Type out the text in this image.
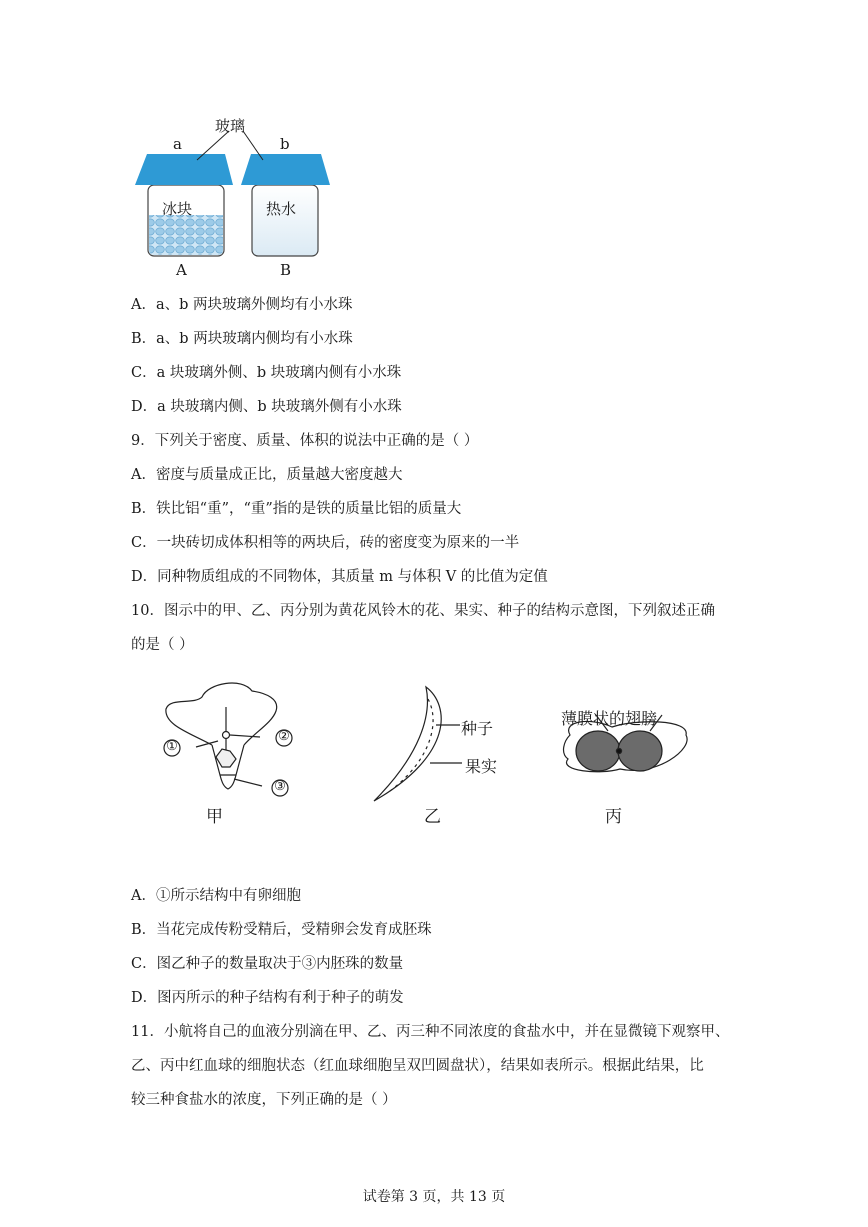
玻璃
a	b
冰块	热水
A	B
A．a、b 两块玻璃外侧均有小水珠
B．a、b 两块玻璃内侧均有小水珠
C．a 块玻璃外侧、b 块玻璃内侧有小水珠
D．a 块玻璃内侧、b 块玻璃外侧有小水珠
9．下列关于密度、质量、体积的说法中正确的是（ ）
A．密度与质量成正比，质量越大密度越大
B．铁比铝“重”，“重”指的是铁的质量比铝的质量大
C．一块砖切成体积相等的两块后，砖的密度变为原来的一半
D．同种物质组成的不同物体，其质量 m 与体积 V 的比值为定值
10．图示中的甲、乙、丙分别为黄花风铃木的花、果实、种子的结构示意图，下列叙述正确
的是（ ）
①
②
③
种子
果实
薄膜状的翅膀
甲	乙	丙
A．①所示结构中有卵细胞
B．当花完成传粉受精后，受精卵会发育成胚珠
C．图乙种子的数量取决于③内胚珠的数量
D．图丙所示的种子结构有利于种子的萌发
11．小航将自己的血液分别滴在甲、乙、丙三种不同浓度的食盐水中，并在显微镜下观察甲、
乙、丙中红血球的细胞状态（红血球细胞呈双凹圆盘状），结果如表所示。根据此结果，比
较三种食盐水的浓度，下列正确的是（ ）
试卷第 3 页，共 13 页
